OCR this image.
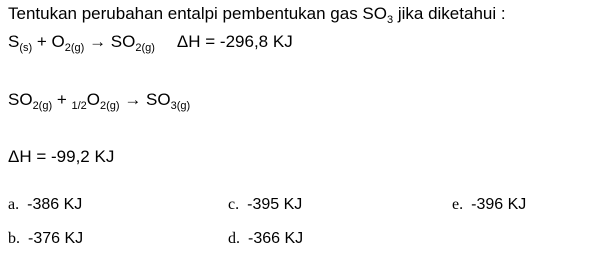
Tentukan perubahan entalpi pembentukan gas $SO_3$ jika diketahui :
$S_{(s)} + O_{2(g)} \to SO_{2(g)}$ ΔH = -296,8 KJ
$SO_{2(g)} + _{1/2}O_{2(g)} \to SO_{3(g)}$
ΔH = -99,2 KJ
a. -386 KJ
b. -376 KJ
c. -395 KJ
d. -366 KJ
e. -396 KJ
